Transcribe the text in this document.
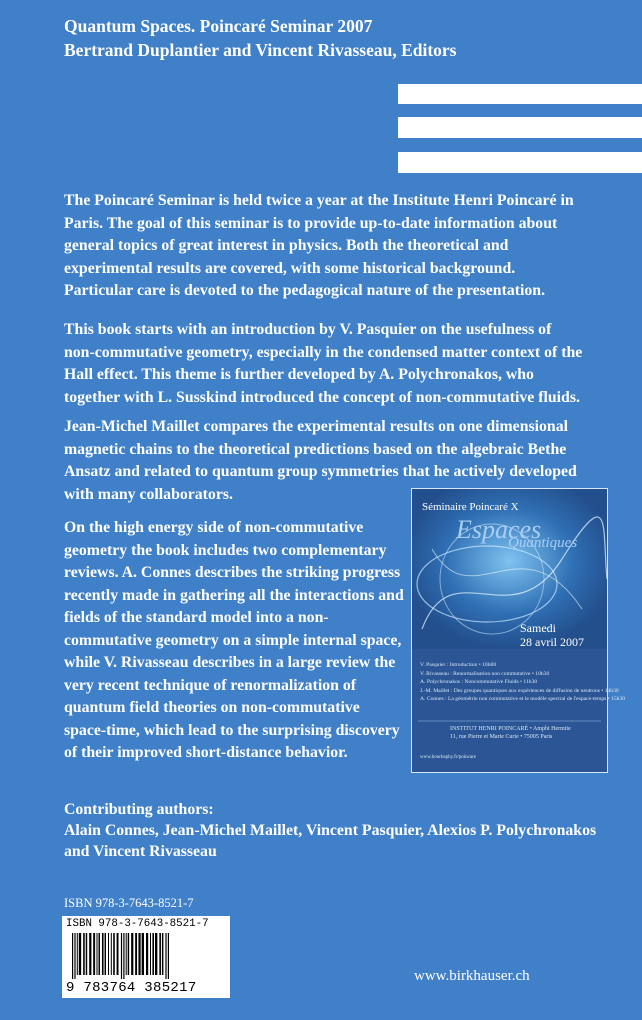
Quantum Spaces. Poincaré Seminar 2007
Bertrand Duplantier and Vincent Rivasseau, Editors
The Poincaré Seminar is held twice a year at the Institute Henri Poincaré in Paris. The goal of this seminar is to provide up-to-date information about general topics of great interest in physics. Both the theoretical and experimental results are covered, with some historical background. Particular care is devoted to the pedagogical nature of the presentation.
This book starts with an introduction by V. Pasquier on the usefulness of non-commutative geometry, especially in the condensed matter context of the Hall effect. This theme is further developed by A. Polychronakos, who together with L. Susskind introduced the concept of non-commutative fluids.
Jean-Michel Maillet compares the experimental results on one dimensional magnetic chains to the theoretical predictions based on the algebraic Bethe Ansatz and related to quantum group symmetries that he actively developed with many collaborators.
On the high energy side of non-commutative geometry the book includes two complementary reviews. A. Connes describes the striking progress recently made in gathering all the interactions and fields of the standard model into a non-commutative geometry on a simple internal space, while V. Rivasseau describes in a large review the very recent technique of renormalization of quantum field theories on non-commutative space-time, which lead to the surprising discovery of their improved short-distance behavior.
Séminaire Poincaré X
Espaces
Quantiques
Samedi
28 avril 2007
V. Pasquier : Introduction • 10h00
V. Rivasseau : Renormalisation non commutative • 10h30
A. Polychronakos : Noncommutative Fluids • 11h30
J.-M. Maillet : Des groupes quantiques aux expériences de diffusion de neutrons • 14h30
A. Connes : La géométrie non commutative et le modèle spectral de l'espace-temps • 15h30
INSTITUT HENRI POINCARÉ • Amphi Hermite
11, rue Pierre et Marie Curie • 75005 Paris
www.bourbaphy.fr/poincare
Contributing authors:
Alain Connes, Jean-Michel Maillet, Vincent Pasquier, Alexios P. Polychronakos
and Vincent Rivasseau
ISBN 978-3-7643-8521-7
ISBN 978-3-7643-8521-7
9 783764 385217
www.birkhauser.ch
